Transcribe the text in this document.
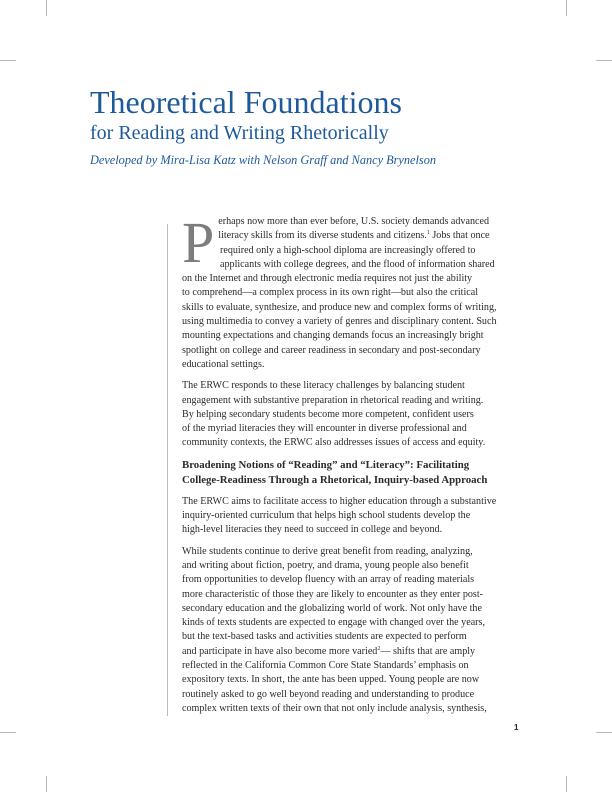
Theoretical Foundations
for Reading and Writing Rhetorically
Developed by Mira-Lisa Katz with Nelson Graff and Nancy Brynelson

P erhaps now more than ever before, U.S. society demands advanced
literacy skills from its diverse students and citizens.$^1$ Jobs that once
required only a high-school diploma are increasingly offered to
applicants with college degrees, and the flood of information shared
on the Internet and through electronic media requires not just the ability
to comprehend—a complex process in its own right—but also the critical
skills to evaluate, synthesize, and produce new and complex forms of writing,
using multimedia to convey a variety of genres and disciplinary content. Such
mounting expectations and changing demands focus an increasingly bright
spotlight on college and career readiness in secondary and post-secondary
educational settings.

The ERWC responds to these literacy challenges by balancing student
engagement with substantive preparation in rhetorical reading and writing.
By helping secondary students become more competent, confident users
of the myriad literacies they will encounter in diverse professional and
community contexts, the ERWC also addresses issues of access and equity.

Broadening Notions of “Reading” and “Literacy”: Facilitating
College-Readiness Through a Rhetorical, Inquiry-based Approach

The ERWC aims to facilitate access to higher education through a substantive
inquiry-oriented curriculum that helps high school students develop the
high-level literacies they need to succeed in college and beyond.

While students continue to derive great benefit from reading, analyzing,
and writing about fiction, poetry, and drama, young people also benefit
from opportunities to develop fluency with an array of reading materials
more characteristic of those they are likely to encounter as they enter post-
secondary education and the globalizing world of work. Not only have the
kinds of texts students are expected to engage with changed over the years,
but the text-based tasks and activities students are expected to perform
and participate in have also become more varied$^2$— shifts that are amply
reflected in the California Common Core State Standards’ emphasis on
expository texts. In short, the ante has been upped. Young people are now
routinely asked to go well beyond reading and understanding to produce
complex written texts of their own that not only include analysis, synthesis,

1
